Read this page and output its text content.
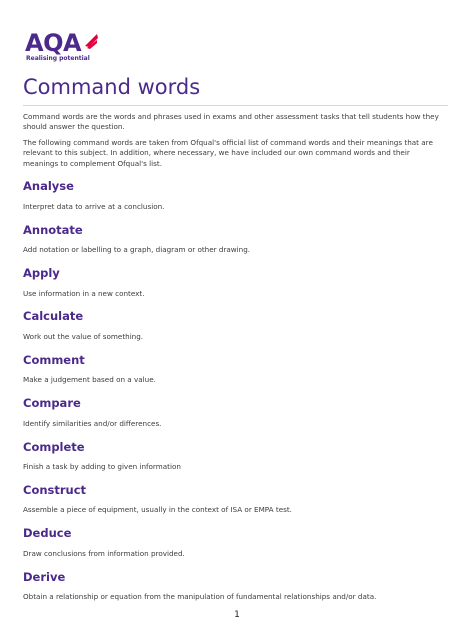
AQA
Realising potential
Command words

Command words are the words and phrases used in exams and other assessment tasks that tell students how they should answer the question.

The following command words are taken from Ofqual's official list of command words and their meanings that are relevant to this subject. In addition, where necessary, we have included our own command words and their meanings to complement Ofqual's list.

Analyse

Interpret data to arrive at a conclusion.

Annotate

Add notation or labelling to a graph, diagram or other drawing.

Apply

Use information in a new context.

Calculate

Work out the value of something.

Comment

Make a judgement based on a value.

Compare

Identify similarities and/or differences.

Complete

Finish a task by adding to given information

Construct

Assemble a piece of equipment, usually in the context of ISA or EMPA test.

Deduce

Draw conclusions from information provided.

Derive

Obtain a relationship or equation from the manipulation of fundamental relationships and/or data.

1
